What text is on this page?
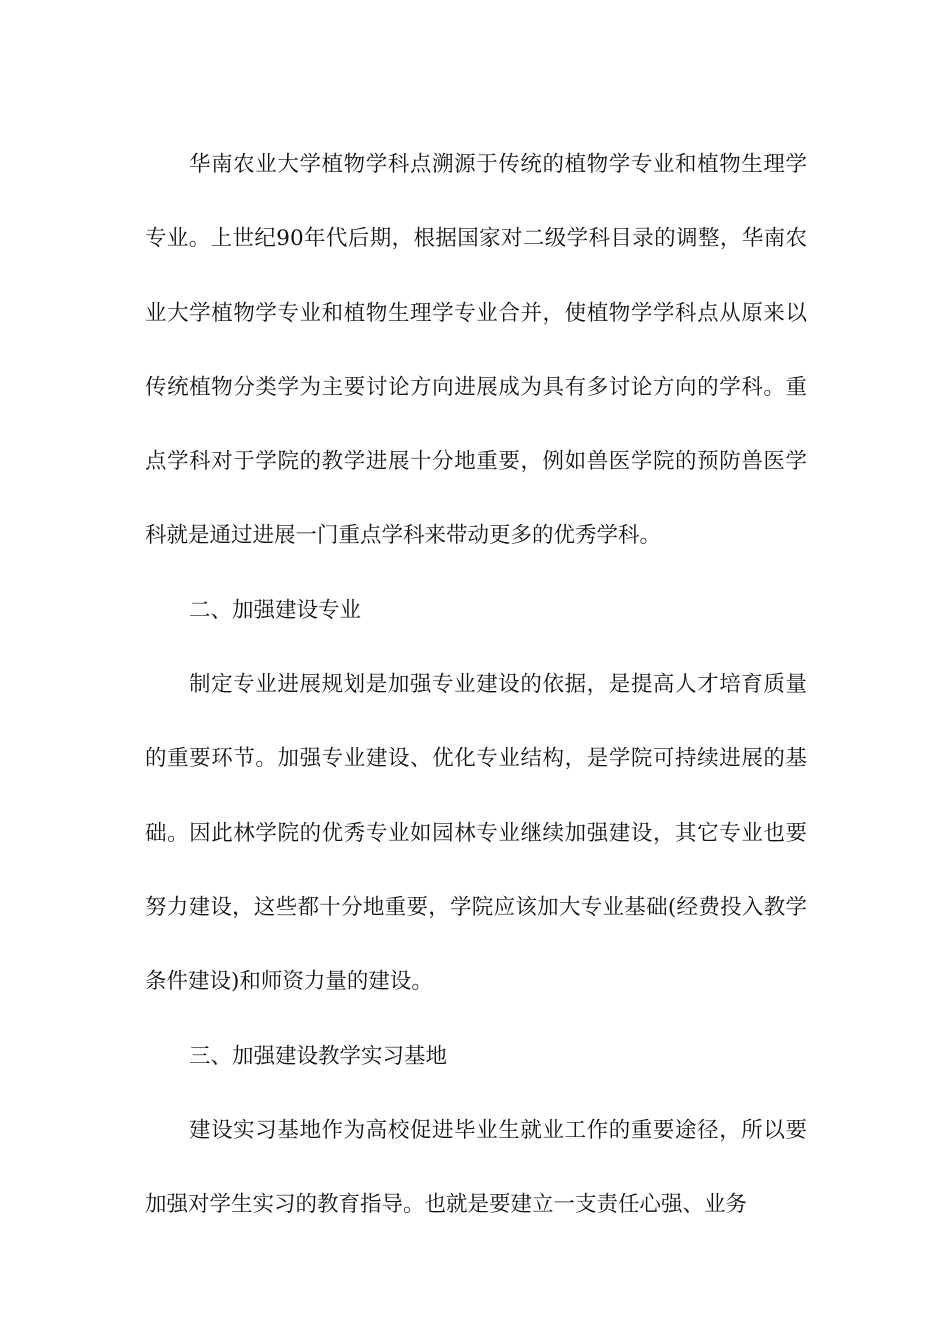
华南农业大学植物学科点溯源于传统的植物学专业和植物生理学专业。上世纪90年代后期，根据国家对二级学科目录的调整，华南农业大学植物学专业和植物生理学专业合并，使植物学学科点从原来以传统植物分类学为主要讨论方向进展成为具有多讨论方向的学科。重点学科对于学院的教学进展十分地重要，例如兽医学院的预防兽医学科就是通过进展一门重点学科来带动更多的优秀学科。

二、加强建设专业

制定专业进展规划是加强专业建设的依据，是提高人才培育质量的重要环节。加强专业建设、优化专业结构，是学院可持续进展的基础。因此林学院的优秀专业如园林专业继续加强建设，其它专业也要努力建设，这些都十分地重要，学院应该加大专业基础(经费投入教学条件建设)和师资力量的建设。

三、加强建设教学实习基地

建设实习基地作为高校促进毕业生就业工作的重要途径，所以要加强对学生实习的教育指导。也就是要建立一支责任心强、业务
